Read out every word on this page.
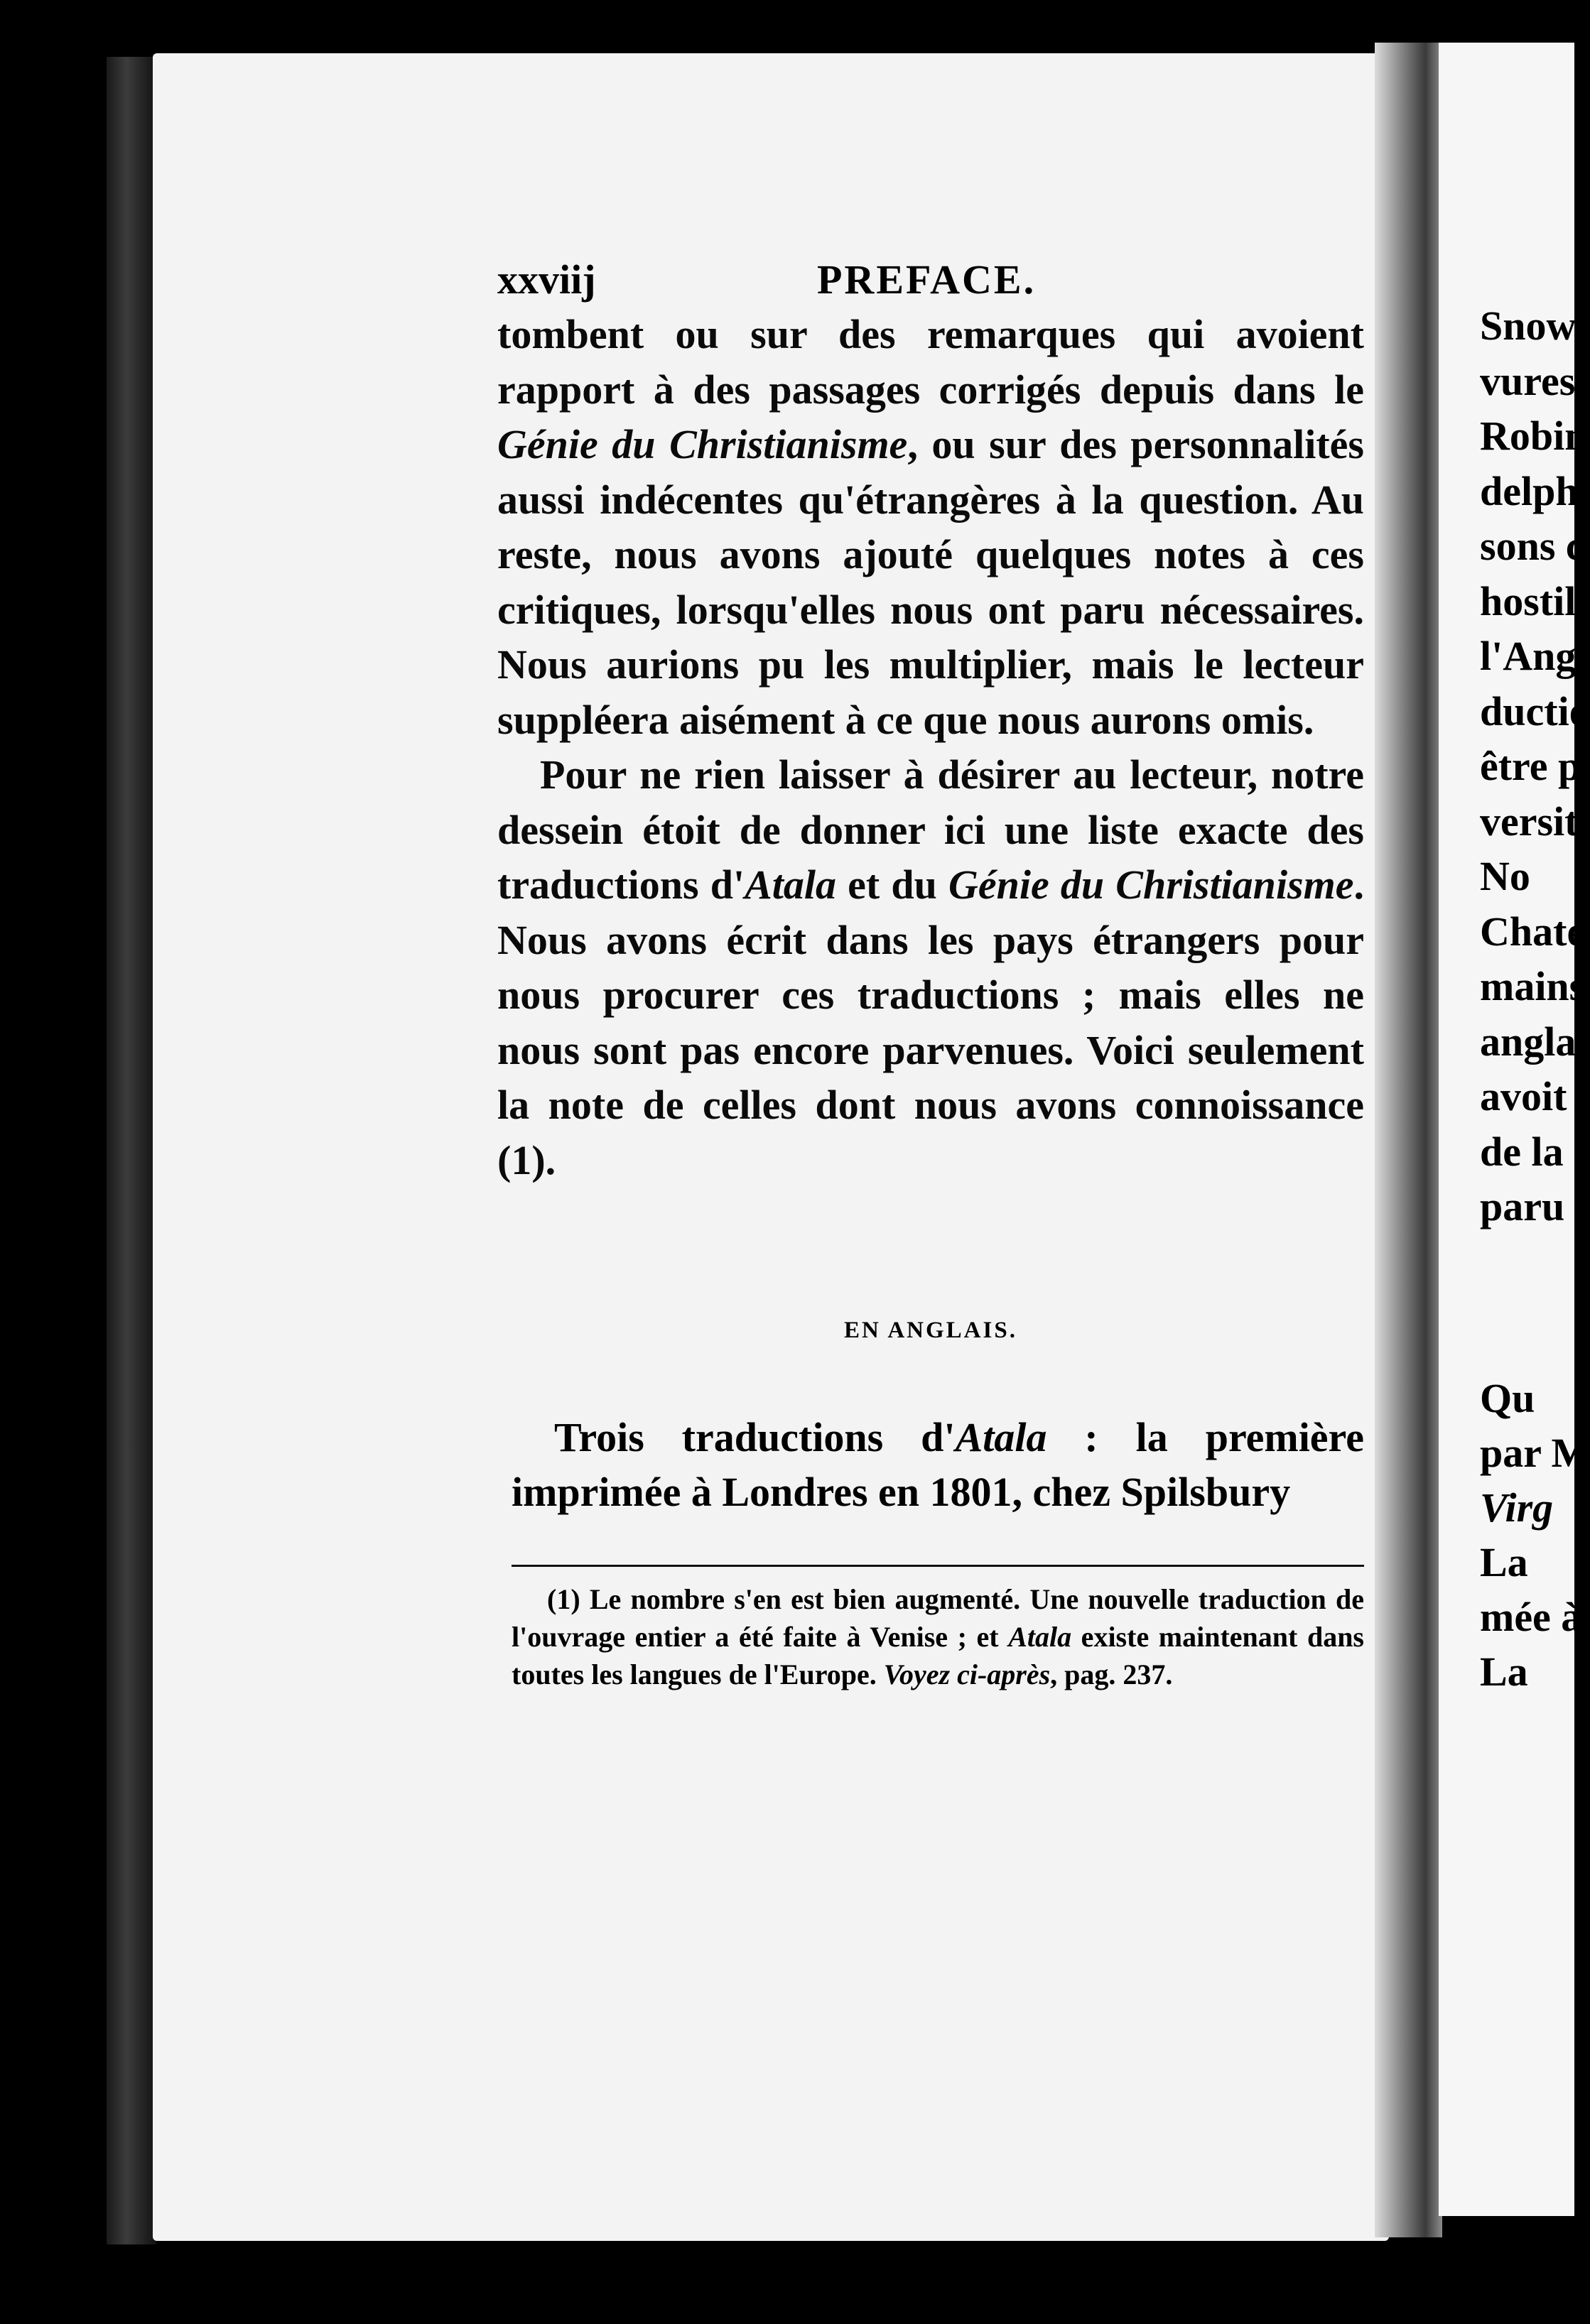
xxviij	PREFACE.

tombent ou sur des remarques qui avoient rapport à des passages corrigés depuis dans le Génie du Christianisme, ou sur des personnalités aussi indécentes qu'étrangères à la question. Au reste, nous avons ajouté quelques notes à ces critiques, lorsqu'elles nous ont paru nécessaires. Nous aurions pu les multiplier, mais le lecteur suppléera aisément à ce que nous aurons omis.

Pour ne rien laisser à désirer au lecteur, notre dessein étoit de donner ici une liste exacte des traductions d'Atala et du Génie du Christianisme. Nous avons écrit dans les pays étrangers pour nous procurer ces traductions ; mais elles ne nous sont pas encore parvenues. Voici seulement la note de celles dont nous avons connoissance (1).

EN ANGLAIS.

Trois traductions d'Atala : la première imprimée à Londres en 1801, chez Spilsbury

(1) Le nombre s'en est bien augmenté. Une nouvelle traduction de l'ouvrage entier a été faite à Venise ; et Atala existe maintenant dans toutes les langues de l'Europe. Voyez ci-après, pag. 237.

Snow
vures
Robin
delph
sons c
hostil
l'Ang
ductio
être p
versit
No
Chate
mains
angla
avoit
de la
paru
Qu
par M
Virg
La
mée à
La
